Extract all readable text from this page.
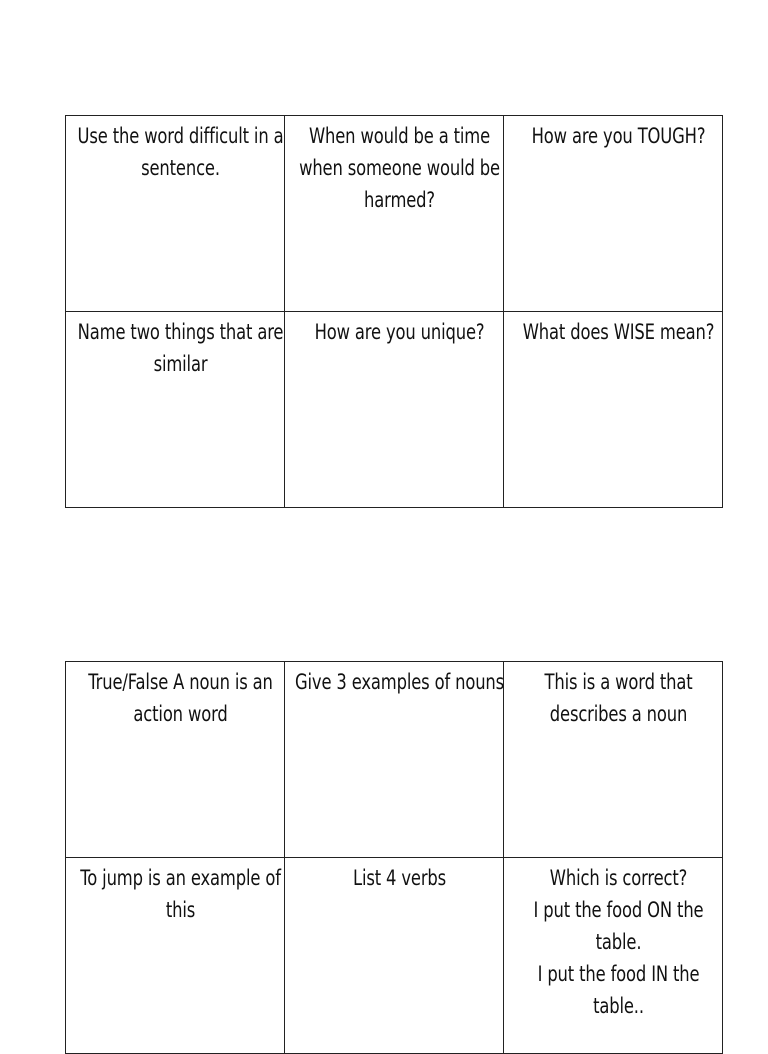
Use the word difficult in a sentence.	When would be a time when someone would be harmed?	How are you TOUGH?

Name two things that are similar	How are you unique?	What does WISE mean?
True/False A noun is an action word	Give 3 examples of nouns	This is a word that describes a noun

To jump is an example of this	List 4 verbs	Which is correct?
I put the food ON the table.
I put the food IN the table..
